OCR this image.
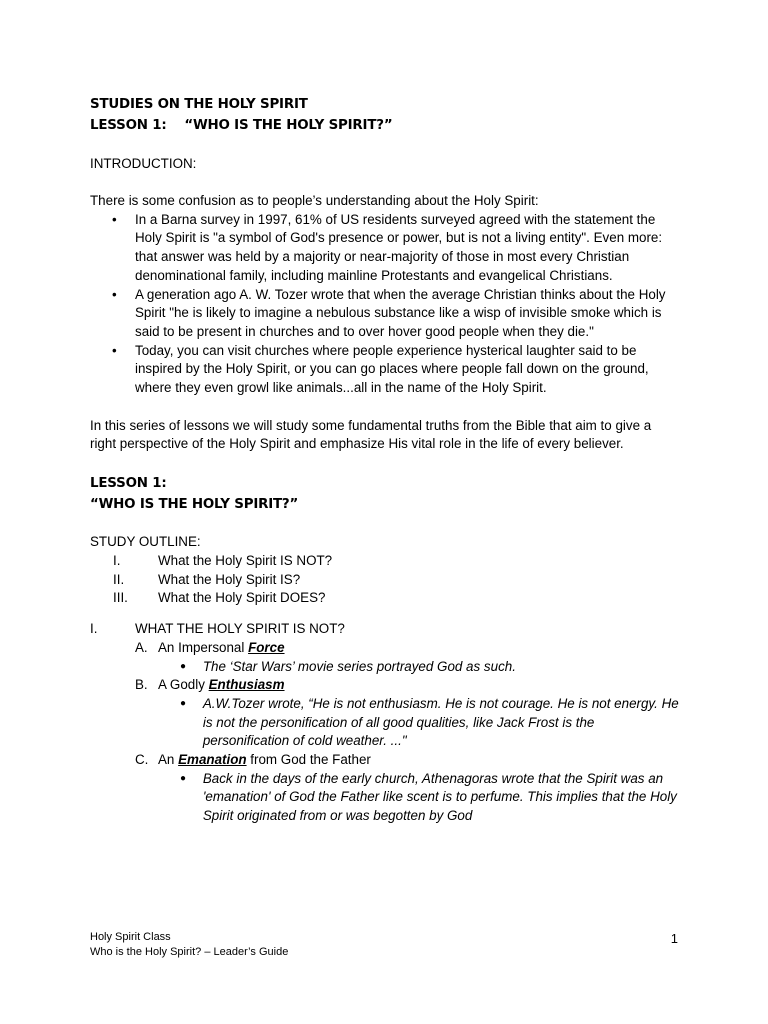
STUDIES ON THE HOLY SPIRIT
LESSON 1:    “WHO IS THE HOLY SPIRIT?”
INTRODUCTION:
There is some confusion as to people’s understanding about the Holy Spirit:
• In a Barna survey in 1997, 61% of US residents surveyed agreed with the statement the Holy Spirit is "a symbol of God's presence or power, but is not a living entity". Even more: that answer was held by a majority or near-majority of those in most every Christian denominational family, including mainline Protestants and evangelical Christians.
• A generation ago A. W. Tozer wrote that when the average Christian thinks about the Holy Spirit "he is likely to imagine a nebulous substance like a wisp of invisible smoke which is said to be present in churches and to over hover good people when they die."
• Today, you can visit churches where people experience hysterical laughter said to be inspired by the Holy Spirit, or you can go places where people fall down on the ground, where they even growl like animals...all in the name of the Holy Spirit.
In this series of lessons we will study some fundamental truths from the Bible that aim to give a right perspective of the Holy Spirit and emphasize His vital role in the life of every believer.
LESSON 1:
“WHO IS THE HOLY SPIRIT?”
STUDY OUTLINE:
I.	What the Holy Spirit IS NOT?
II.	What the Holy Spirit IS?
III.	What the Holy Spirit DOES?
I.	WHAT THE HOLY SPIRIT IS NOT?
A. An Impersonal Force
●	The ‘Star Wars’ movie series portrayed God as such.
B. A Godly Enthusiasm
●	A.W.Tozer wrote, “He is not enthusiasm. He is not courage. He is not energy. He is not the personification of all good qualities, like Jack Frost is the personification of cold weather. ..."
C. An Emanation from God the Father
●	Back in the days of the early church, Athenagoras wrote that the Spirit was an 'emanation' of God the Father like scent is to perfume. This implies that the Holy Spirit originated from or was begotten by God
Holy Spirit Class
Who is the Holy Spirit? – Leader’s Guide
1
